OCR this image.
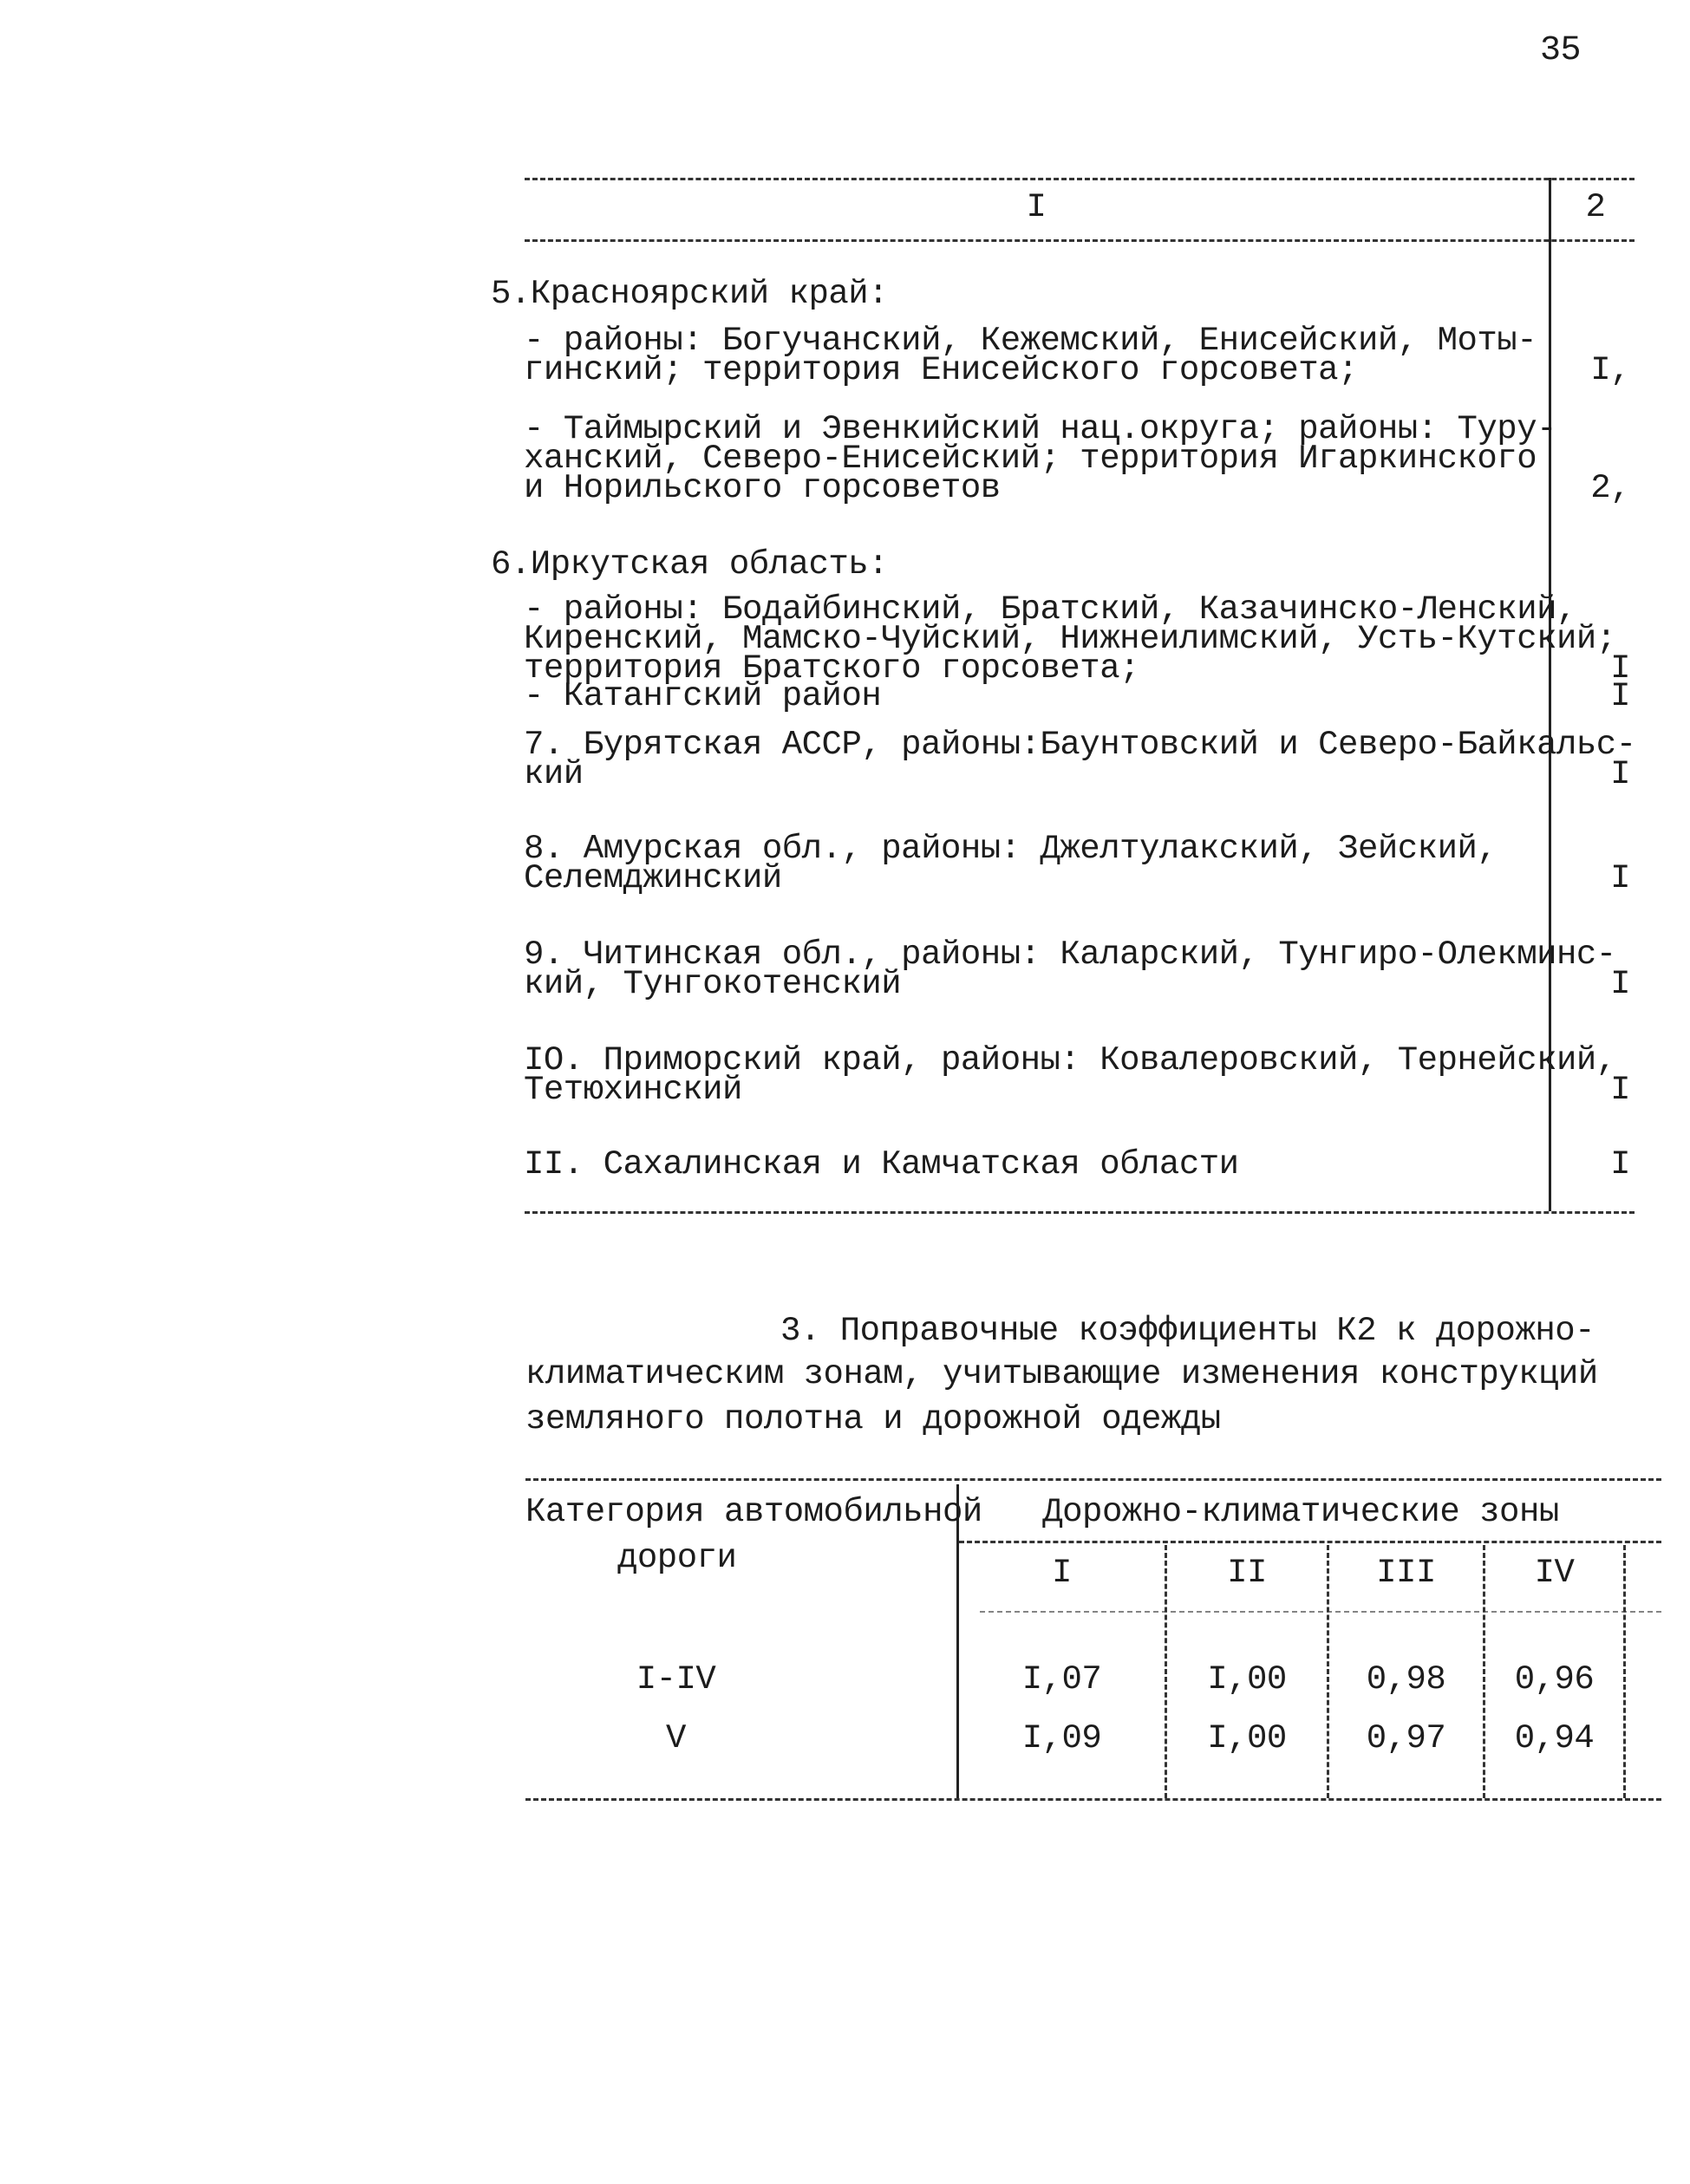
35
I	2
5.Красноярский край:
- районы: Богучанский, Кежемский, Енисейский, Моты-
гинский; территория Енисейского горсовета;	I,
- Таймырский и Эвенкийский нац.округа; районы: Туру-
ханский, Северо-Енисейский; территория Игаркинского
и Норильского горсоветов	2,
6.Иркутская область:
- районы: Бодайбинский, Братский, Казачинско-Ленский,
Киренский, Мамско-Чуйский, Нижнеилимский, Усть-Кутский;
территория Братского горсовета;	I
- Катангский район	I
7. Бурятская АССР, районы:Баунтовский и Северо-Байкальс-
кий	I
8. Амурская обл., районы: Джелтулакский, Зейский,
Селемджинский	I
9. Читинская обл., районы: Каларский, Тунгиро-Олекминс-
кий, Тунгокотенский	I
IO. Приморский край, районы: Ковалеровский, Тернейский,
Тетюхинский	I
II. Сахалинская и Камчатская области	I
3. Поправочные коэффициенты К2 к дорожно-
климатическим зонам, учитывающие изменения конструкций
земляного полотна и дорожной одежды
Категория автомобильной
дороги
Дорожно-климатические зоны
I	II	III	IV
I-IV	I,07	I,00	0,98	0,96
V	I,09	I,00	0,97	0,94
